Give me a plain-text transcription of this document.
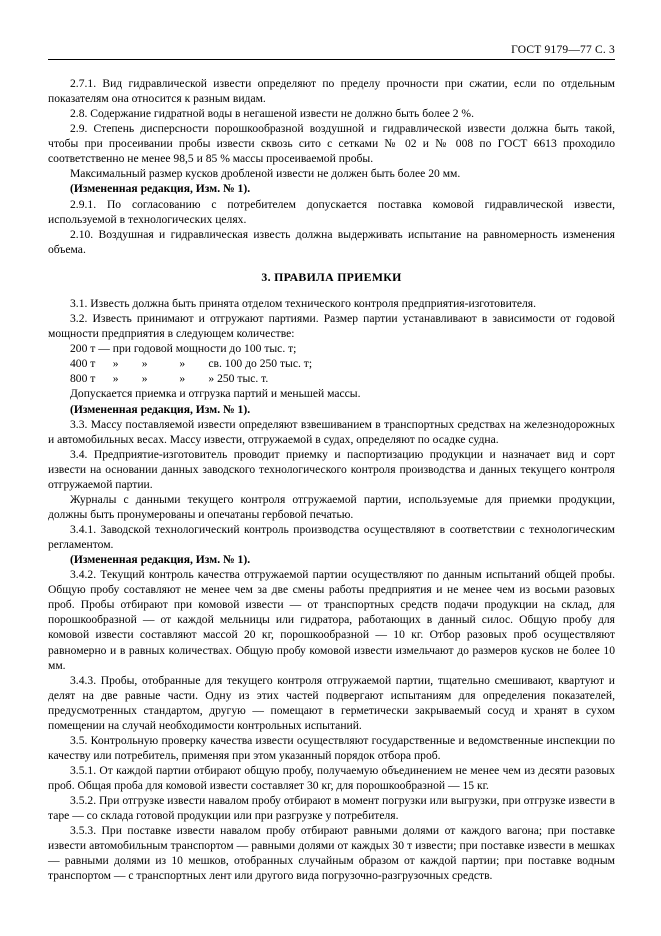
ГОСТ 9179—77 С. 3

2.7.1. Вид гидравлической извести определяют по пределу прочности при сжатии, если по отдельным показателям она относится к разным видам.

2.8. Содержание гидратной воды в негашеной извести не должно быть более 2 %.

2.9. Степень дисперсности порошкообразной воздушной и гидравлической извести должна быть такой, чтобы при просеивании пробы извести сквозь сито с сетками № 02 и № 008 по ГОСТ 6613 проходило соответственно не менее 98,5 и 85 % массы просеиваемой пробы.

Максимальный размер кусков дробленой извести не должен быть более 20 мм.

(Измененная редакция, Изм. № 1).

2.9.1. По согласованию с потребителем допускается поставка комовой гидравлической извести, используемой в технологических целях.

2.10. Воздушная и гидравлическая известь должна выдерживать испытание на равномерность изменения объема.

3. ПРАВИЛА ПРИЕМКИ

3.1. Известь должна быть принята отделом технического контроля предприятия-изготовителя.

3.2. Известь принимают и отгружают партиями. Размер партии устанавливают в зависимости от годовой мощности предприятия в следующем количестве:

200 т — при годовой мощности до 100 тыс. т;
400 т      »        »           »        св. 100 до 250 тыс. т;
800 т      »        »           »        » 250 тыс. т.

Допускается приемка и отгрузка партий и меньшей массы.

(Измененная редакция, Изм. № 1).

3.3. Массу поставляемой извести определяют взвешиванием в транспортных средствах на железнодорожных и автомобильных весах. Массу извести, отгружаемой в судах, определяют по осадке судна.

3.4. Предприятие-изготовитель проводит приемку и паспортизацию продукции и назначает вид и сорт извести на основании данных заводского технологического контроля производства и данных текущего контроля отгружаемой партии.

Журналы с данными текущего контроля отгружаемой партии, используемые для приемки продукции, должны быть пронумерованы и опечатаны гербовой печатью.

3.4.1. Заводской технологический контроль производства осуществляют в соответствии с технологическим регламентом.

(Измененная редакция, Изм. № 1).

3.4.2. Текущий контроль качества отгружаемой партии осуществляют по данным испытаний общей пробы. Общую пробу составляют не менее чем за две смены работы предприятия и не менее чем из восьми разовых проб. Пробы отбирают при комовой извести — от транспортных средств подачи продукции на склад, для порошкообразной — от каждой мельницы или гидратора, работающих в данный силос. Общую пробу для комовой извести составляют массой 20 кг, порошкообразной — 10 кг. Отбор разовых проб осуществляют равномерно и в равных количествах. Общую пробу комовой извести измельчают до размеров кусков не более 10 мм.

3.4.3. Пробы, отобранные для текущего контроля отгружаемой партии, тщательно смешивают, квартуют и делят на две равные части. Одну из этих частей подвергают испытаниям для определения показателей, предусмотренных стандартом, другую — помещают в герметически закрываемый сосуд и хранят в сухом помещении на случай необходимости контрольных испытаний.

3.5. Контрольную проверку качества извести осуществляют государственные и ведомственные инспекции по качеству или потребитель, применяя при этом указанный порядок отбора проб.

3.5.1. От каждой партии отбирают общую пробу, получаемую объединением не менее чем из десяти разовых проб. Общая проба для комовой извести составляет 30 кг, для порошкообразной — 15 кг.

3.5.2. При отгрузке извести навалом пробу отбирают в момент погрузки или выгрузки, при отгрузке извести в таре — со склада готовой продукции или при разгрузке у потребителя.

3.5.3. При поставке извести навалом пробу отбирают равными долями от каждого вагона; при поставке извести автомобильным транспортом — равными долями от каждых 30 т извести; при поставке извести в мешках — равными долями из 10 мешков, отобранных случайным образом от каждой партии; при поставке водным транспортом — с транспортных лент или другого вида погрузочно-разгрузочных средств.
